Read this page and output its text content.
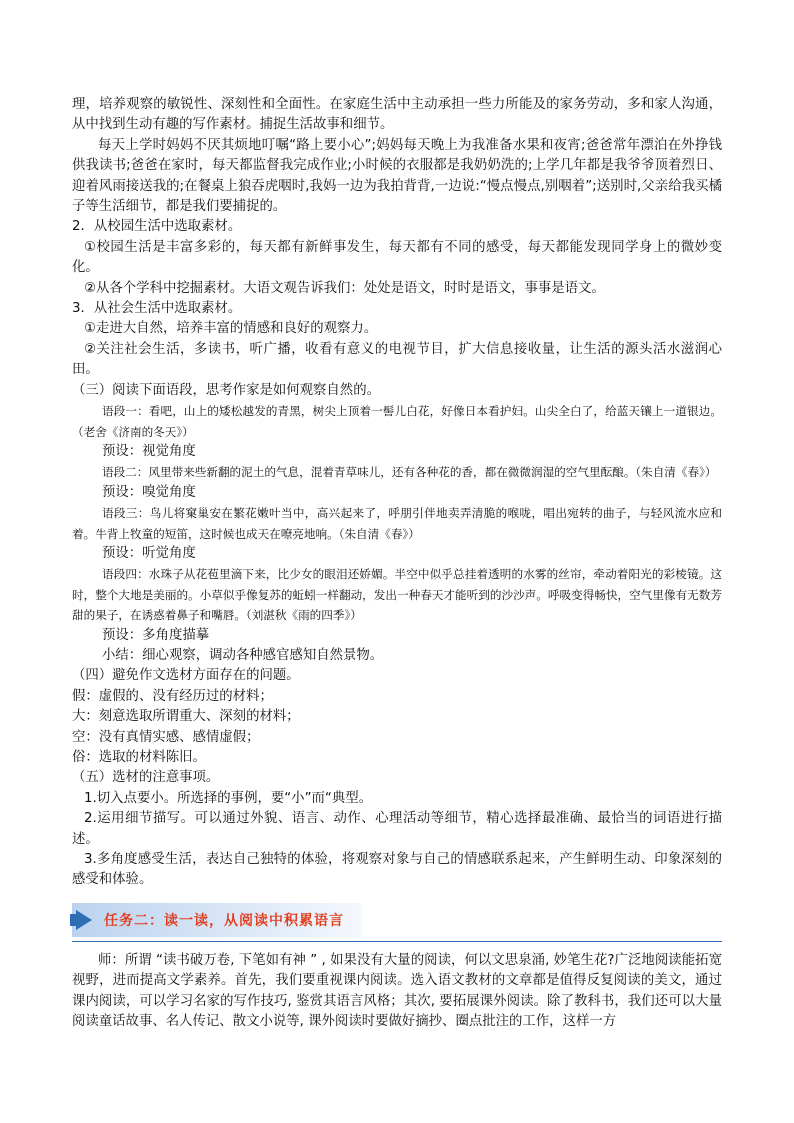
理，培养观察的敏锐性、深刻性和全面性。在家庭生活中主动承担一些力所能及的家务劳动，多和家人沟通，从中找到生动有趣的写作素材。捕捉生活故事和细节。

每天上学时妈妈不厌其烦地叮嘱“路上要小心”;妈妈每天晚上为我准备水果和夜宵;爸爸常年漂泊在外挣钱供我读书;爸爸在家时，每天都监督我完成作业;小时候的衣服都是我奶奶洗的;上学几年都是我爷爷顶着烈日、迎着风雨接送我的;在餐桌上狼吞虎咽时,我妈一边为我拍背背,一边说:“慢点慢点,别咽着”;送别时,父亲给我买橘子等生活细节，都是我们要捕捉的。

2．从校园生活中选取素材。

①校园生活是丰富多彩的，每天都有新鲜事发生，每天都有不同的感受，每天都能发现同学身上的微妙变化。

②从各个学科中挖掘素材。大语文观告诉我们：处处是语文，时时是语文，事事是语文。

3．从社会生活中选取素材。

①走进大自然，培养丰富的情感和良好的观察力。

②关注社会生活，多读书，听广播，收看有意义的电视节目，扩大信息接收量，让生活的源头活水滋润心田。

（三）阅读下面语段，思考作家是如何观察自然的。

语段一：看吧，山上的矮松越发的青黑，树尖上顶着一髻儿白花，好像日本看护妇。山尖全白了，给蓝天镶上一道银边。（老舍《济南的冬天》）

预设：视觉角度

语段二：风里带来些新翻的泥土的气息，混着青草味儿，还有各种花的香，都在微微润湿的空气里酝酿。（朱自清《春》）

预设：嗅觉角度

语段三：鸟儿将窠巢安在繁花嫩叶当中，高兴起来了，呼朋引伴地卖弄清脆的喉咙，唱出宛转的曲子，与轻风流水应和着。牛背上牧童的短笛，这时候也成天在嘹亮地响。（朱自清《春》）

预设：听觉角度

语段四：水珠子从花苞里滴下来，比少女的眼泪还娇媚。半空中似乎总挂着透明的水雾的丝帘，牵动着阳光的彩棱镜。这时，整个大地是美丽的。小草似乎像复苏的蚯蚓一样翻动，发出一种春天才能听到的沙沙声。呼吸变得畅快，空气里像有无数芳甜的果子，在诱惑着鼻子和嘴唇。（刘湛秋《雨的四季》）

预设：多角度描摹

小结：细心观察，调动各种感官感知自然景物。

（四）避免作文选材方面存在的问题。

假：虚假的、没有经历过的材料；

大：刻意选取所谓重大、深刻的材料；

空：没有真情实感、感情虚假；

俗：选取的材料陈旧。

（五）选材的注意事项。

1.切入点要小。所选择的事例，要“小”而“典型。

2.运用细节描写。可以通过外貌、语言、动作、心理活动等细节，精心选择最准确、最恰当的词语进行描述。

3.多角度感受生活，表达自己独特的体验，将观察对象与自己的情感联系起来，产生鲜明生动、印象深刻的感受和体验。

任务二：读一读，从阅读中积累语言

师：所谓 “读书破万卷, 下笔如有神 ” , 如果没有大量的阅读，何以文思泉涌, 妙笔生花?广泛地阅读能拓宽视野，进而提高文学素养。首先，我们要重视课内阅读。选入语文教材的文章都是值得反复阅读的美文，通过课内阅读，可以学习名家的写作技巧, 鉴赏其语言风格；其次, 要拓展课外阅读。除了教科书，我们还可以大量阅读童话故事、名人传记、散文小说等, 课外阅读时要做好摘抄、圈点批注的工作，这样一方
